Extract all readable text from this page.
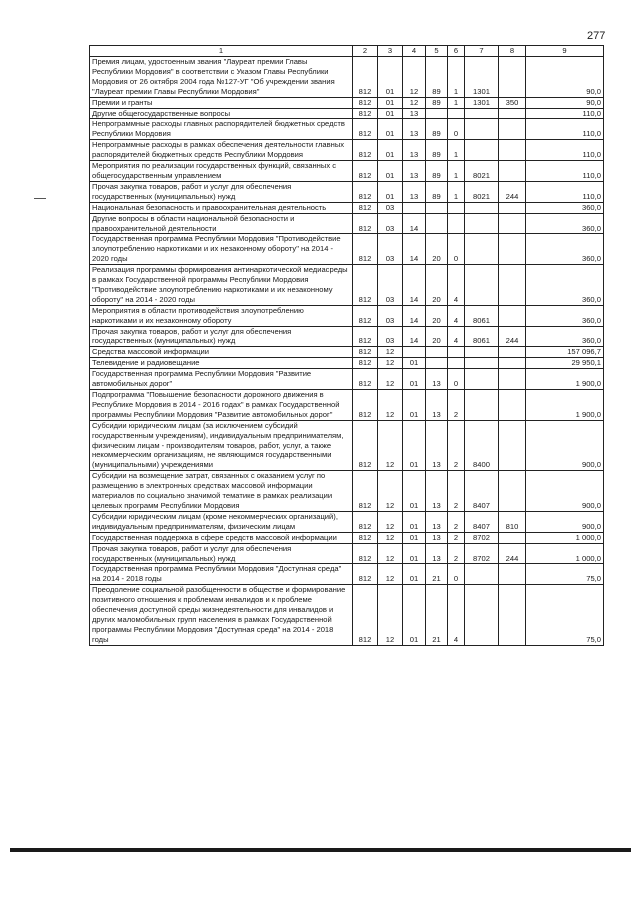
277
1	2	3	4	5	6	7	8	9
Премия лицам, удостоенным звания "Лауреат премии Главы Республики Мордовия" в соответствии с Указом Главы Республики Мордовия от 26 октября 2004 года №127-УГ "Об учреждении звания "Лауреат премии Главы Республики Мордовия"	812	01	12	89	1	1301		90,0
Премии и гранты	812	01	12	89	1	1301	350	90,0
Другие общегосударственные вопросы	812	01	13					110,0
Непрограммные расходы главных распорядителей бюджетных средств Республики Мордовия	812	01	13	89	0			110,0
Непрограммные расходы в рамках обеспечения деятельности главных распорядителей бюджетных средств Республики Мордовия	812	01	13	89	1			110,0
Мероприятия по реализации государственных функций, связанных с общегосударственным управлением	812	01	13	89	1	8021		110,0
Прочая закупка товаров, работ и услуг для обеспечения государственных (муниципальных) нужд	812	01	13	89	1	8021	244	110,0
Национальная безопасность и правоохранительная деятельность	812	03						360,0
Другие вопросы в области национальной безопасности и правоохранительной деятельности	812	03	14					360,0
Государственная программа Республики Мордовия "Противодействие злоупотреблению наркотиками и их незаконному обороту" на 2014 - 2020 годы	812	03	14	20	0			360,0
Реализация программы формирования антинаркотической медиасреды в рамках Государственной программы Республики Мордовия "Противодействие злоупотреблению наркотиками и их незаконному обороту" на 2014 - 2020 годы	812	03	14	20	4			360,0
Мероприятия в области противодействия злоупотреблению наркотиками и их незаконному обороту	812	03	14	20	4	8061		360,0
Прочая закупка товаров, работ и услуг для обеспечения государственных (муниципальных) нужд	812	03	14	20	4	8061	244	360,0
Средства массовой информации	812	12						157 096,7
Телевидение и радиовещание	812	12	01					29 950,1
Государственная программа Республики Мордовия "Развитие автомобильных дорог"	812	12	01	13	0			1 900,0
Подпрограмма "Повышение безопасности дорожного движения в Республике Мордовия в 2014 - 2016 годах" в рамках Государственной программы Республики Мордовия "Развитие автомобильных дорог"	812	12	01	13	2			1 900,0
Субсидии юридическим лицам (за исключением субсидий государственным учреждениям), индивидуальным предпринимателям, физическим лицам - производителям товаров, работ, услуг, а также некоммерческим организациям, не являющимся государственными (муниципальными) учреждениями	812	12	01	13	2	8400		900,0
Субсидии на возмещение затрат, связанных с оказанием услуг по размещению в электронных средствах массовой информации материалов по социально значимой тематике в рамках реализации целевых программ Республики Мордовия	812	12	01	13	2	8407		900,0
Субсидии юридическим лицам (кроме некоммерческих организаций), индивидуальным предпринимателям, физическим лицам	812	12	01	13	2	8407	810	900,0
Государственная поддержка в сфере средств массовой информации	812	12	01	13	2	8702		1 000,0
Прочая закупка товаров, работ и услуг для обеспечения государственных (муниципальных) нужд	812	12	01	13	2	8702	244	1 000,0
Государственная программа Республики Мордовия "Доступная среда" на 2014 - 2018 годы	812	12	01	21	0			75,0
Преодоление социальной разобщенности в обществе и формирование позитивного отношения к проблемам инвалидов и к проблеме обеспечения доступной среды жизнедеятельности для инвалидов и других маломобильных групп населения в рамках Государственной программы Республики Мордовия "Доступная среда" на 2014 - 2018 годы	812	12	01	21	4			75,0
